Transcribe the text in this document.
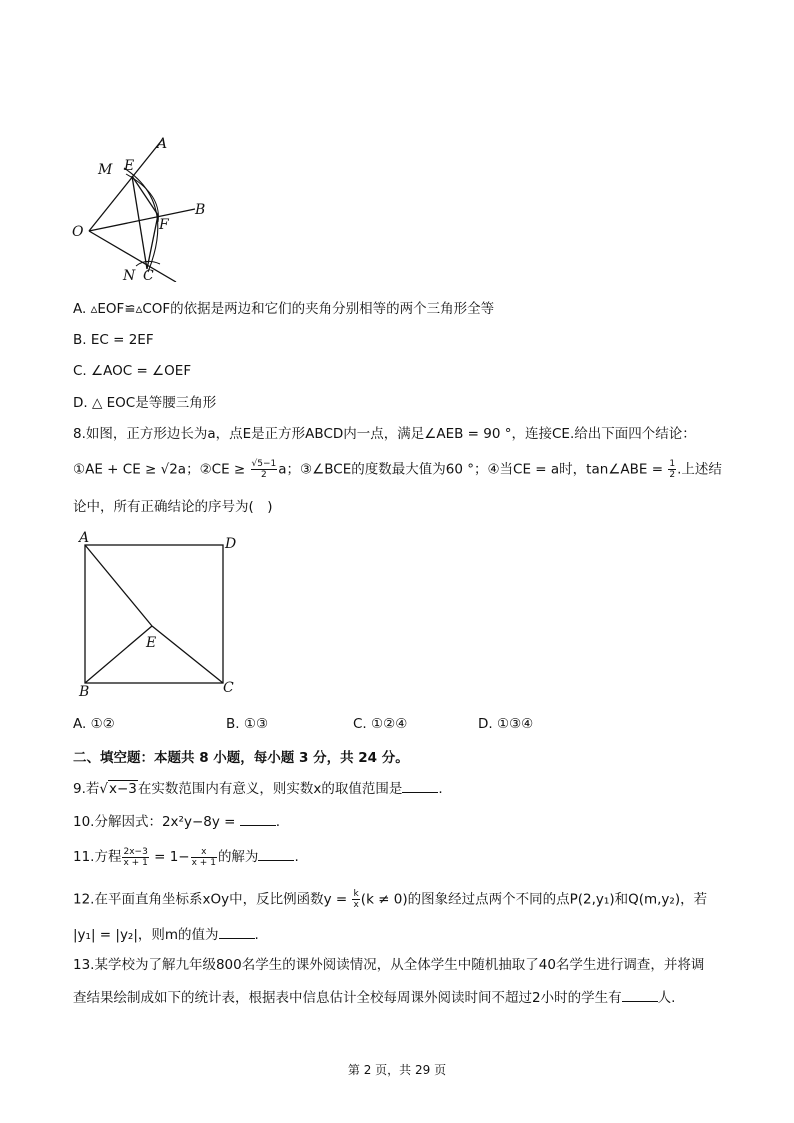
A
M E
B
O	F
N C
A. ▵EOF≌▵COF的依据是两边和它们的夹角分别相等的两个三角形全等
B. EC = 2EF
C. ∠AOC = ∠OEF
D. △ EOC是等腰三角形
8.如图，正方形边长为a，点E是正方形ABCD内一点，满足∠AEB = 90 °，连接CE.给出下面四个结论：
①AE + CE ≥ √2a；②CE ≥ $\frac{√5-1}{2}$ a；③∠BCE的度数最大值为60 °；④当CE = a时，tan∠ABE = $\frac{1}{2}$ .上述结
论中，所有正确结论的序号为(　)
A	D
E
B	C
A. ①②	B. ①③	C. ①②④	D. ①③④
二、填空题：本题共 8 小题，每小题 3 分，共 24 分。
9.若√x−3在实数范围内有意义，则实数x的取值范围是	.
10.分解因式：2x²y−8y =	.
11.方程 $\frac{2x-3}{x + 1} = 1- \frac{x}{x + 1}$ 的解为	.
12.在平面直角坐标系xOy中，反比例函数$y = \frac{k}{x} (k \ne 0)$的图象经过点两个不同的点P(2,y₁)和Q(m,y₂)，若
|y₁| = |y₂|，则m的值为	.
13.某学校为了解九年级800名学生的课外阅读情况，从全体学生中随机抽取了40名学生进行调查，并将调
查结果绘制成如下的统计表，根据表中信息估计全校每周课外阅读时间不超过2小时的学生有	人.
第 2 页，共 29 页
